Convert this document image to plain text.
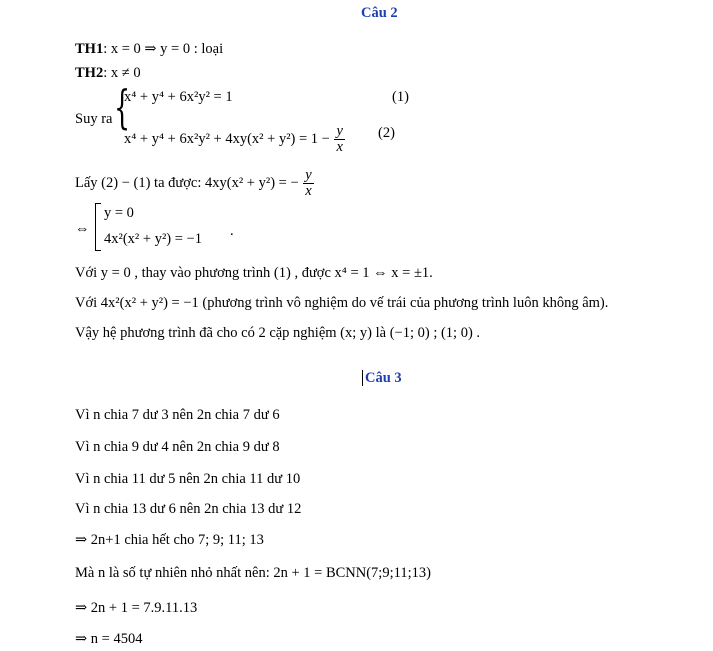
Câu 2
TH1: x = 0 ⇒ y = 0 : loại
TH2: x ≠ 0
Suy ra {
x⁴ + y⁴ + 6x²y² = 1	(1)
$x^4 + y^4 + 6x^2y^2 + 4xy(x^2 + y^2) = 1 - \frac{y}{x} (2)$
Lấy (2) − (1) ta được: 4xy(x² + y²) = − $\frac{y}{x}$
⇔
y = 0
4x²(x² + y²) = −1 .
Với y = 0 , thay vào phương trình (1) , được x⁴ = 1 ⇔ x = ±1.
Với 4x²(x² + y²) = −1 (phương trình vô nghiệm do vế trái của phương trình luôn không âm).
Vậy hệ phương trình đã cho có 2 cặp nghiệm (x; y) là (−1; 0) ; (1; 0) .
Câu 3
Vì n chia 7 dư 3 nên 2n chia 7 dư 6
Vì n chia 9 dư 4 nên 2n chia 9 dư 8
Vì n chia 11 dư 5 nên 2n chia 11 dư 10
Vì n chia 13 dư 6 nên 2n chia 13 dư 12
⇒ 2n+1 chia hết cho 7; 9; 11; 13
Mà n là số tự nhiên nhỏ nhất nên: 2n + 1 = BCNN(7;9;11;13)
⇒ 2n + 1 = 7.9.11.13
⇒ n = 4504
